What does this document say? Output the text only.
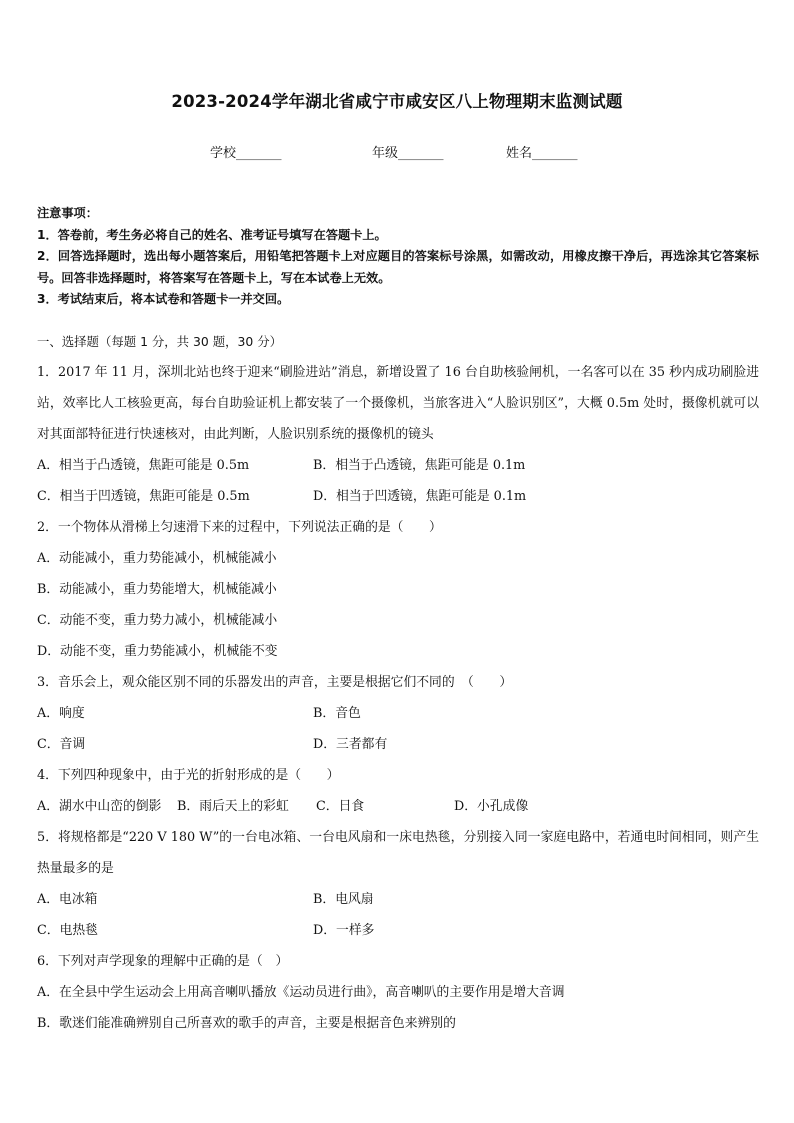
2023-2024学年湖北省咸宁市咸安区八上物理期末监测试题
学校_______	年级_______	姓名_______

注意事项：

1．答卷前，考生务必将自己的姓名、准考证号填写在答题卡上。

2．回答选择题时，选出每小题答案后，用铅笔把答题卡上对应题目的答案标号涂黑，如需改动，用橡皮擦干净后，再选涂其它答案标号。回答非选择题时，将答案写在答题卡上，写在本试卷上无效。

3．考试结束后，将本试卷和答题卡一并交回。

一、选择题（每题 1 分，共 30 题，30 分）

1．2017 年 11 月，深圳北站也终于迎来“刷脸进站”消息，新增设置了 16 台自助核验闸机，一名客可以在 35 秒内成功刷脸进站，效率比人工核验更高，每台自助验证机上都安装了一个摄像机，当旅客进入“人脸识别区”，大概 0.5m 处时，摄像机就可以对其面部特征进行快速核对，由此判断，人脸识别系统的摄像机的镜头

A．相当于凸透镜，焦距可能是 0.5m	B．相当于凸透镜，焦距可能是 0.1m
C．相当于凹透镜，焦距可能是 0.5m	D．相当于凹透镜，焦距可能是 0.1m

2．一个物体从滑梯上匀速滑下来的过程中，下列说法正确的是（　　）

A．动能减小，重力势能减小，机械能减小

B．动能减小，重力势能增大，机械能减小

C．动能不变，重力势力减小，机械能减小

D．动能不变，重力势能减小，机械能不变

3．音乐会上，观众能区别不同的乐器发出的声音，主要是根据它们不同的　（　　）

A．响度	B．音色
C．音调	D．三者都有

4．下列四种现象中，由于光的折射形成的是（　　）

A．湖水中山峦的倒影	B．雨后天上的彩虹	C．日食	D．小孔成像

5．将规格都是“220 V 180 W”的一台电冰箱、一台电风扇和一床电热毯，分别接入同一家庭电路中，若通电时间相同，则产生热量最多的是

A．电冰箱	B．电风扇
C．电热毯	D．一样多

6．下列对声学现象的理解中正确的是（　）

A．在全县中学生运动会上用高音喇叭播放《运动员进行曲》，高音喇叭的主要作用是增大音调

B．歌迷们能准确辨别自己所喜欢的歌手的声音，主要是根据音色来辨别的
